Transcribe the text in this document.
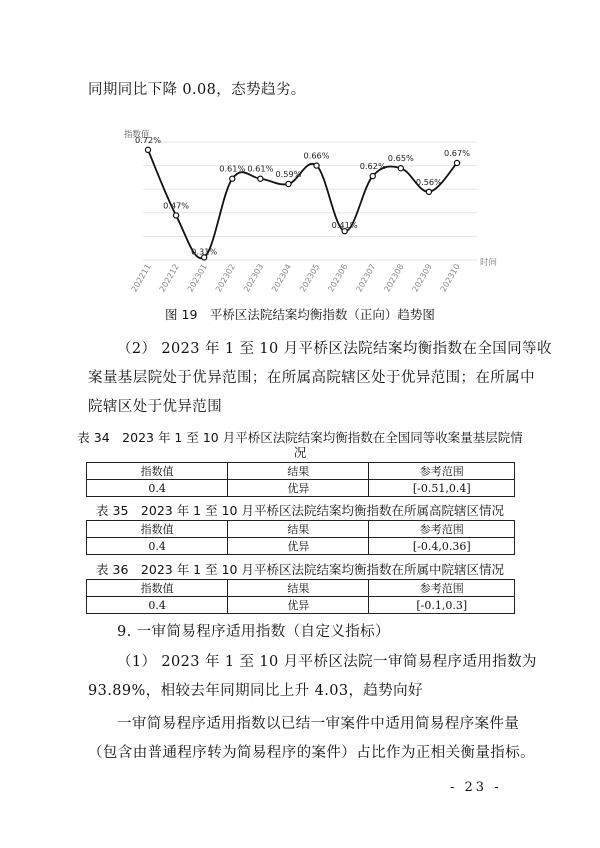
同期同比下降 0.08，态势趋劣。
指数值
时间
0.72%
0.47%
0.31%
0.61% 0.61%
0.59%
0.66%
0.41%
0.62%
0.65%
0.56%
0.67%
202211 202212 202301 202302 202303 202304 202305 202306 202307 202308 202309 202310
图 19　平桥区法院结案均衡指数（正向）趋势图
（2） 2023 年 1 至 10 月平桥区法院结案均衡指数在全国同等收
案量基层院处于优异范围；在所属高院辖区处于优异范围；在所属中
院辖区处于优异范围
表 34　2023 年 1 至 10 月平桥区法院结案均衡指数在全国同等收案量基层院情
况
指数值	结果	参考范围
0.4	优异	[-0.51,0.4]
表 35　2023 年 1 至 10 月平桥区法院结案均衡指数在所属高院辖区情况
指数值	结果	参考范围
0.4	优异	[-0.4,0.36]
表 36　2023 年 1 至 10 月平桥区法院结案均衡指数在所属中院辖区情况
指数值	结果	参考范围
0.4	优异	[-0.1,0.3]
9. 一审简易程序适用指数（自定义指标）
（1） 2023 年 1 至 10 月平桥区法院一审简易程序适用指数为
93.89%，相较去年同期同比上升 4.03，趋势向好
一审简易程序适用指数以已结一审案件中适用简易程序案件量
（包含由普通程序转为简易程序的案件）占比作为正相关衡量指标。
- 23 -
